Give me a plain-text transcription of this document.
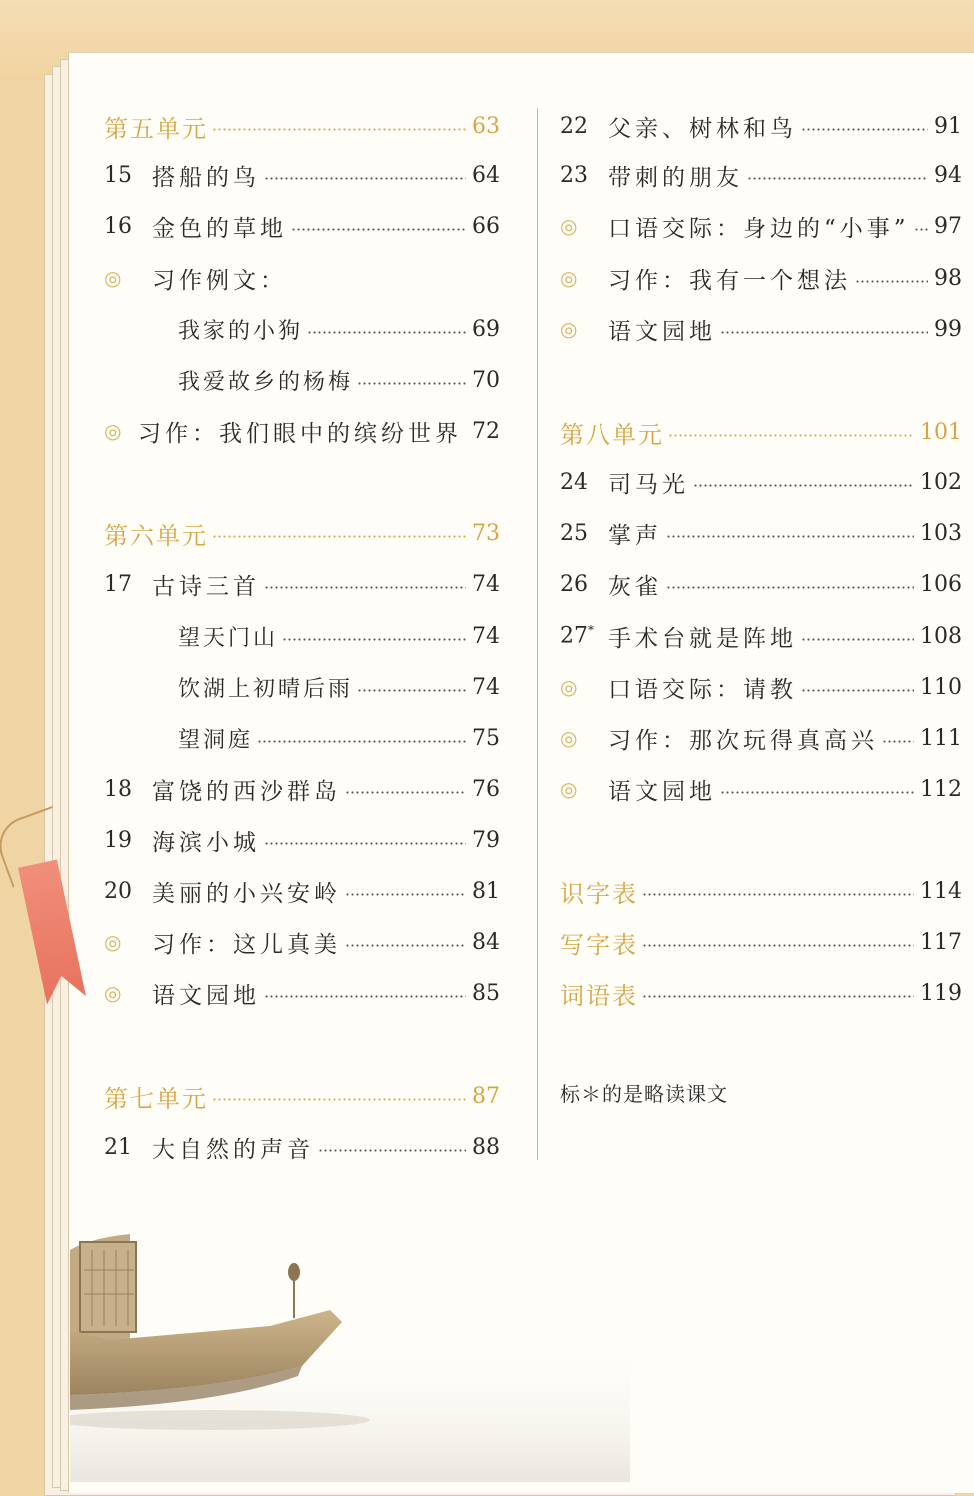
第五单元	63
15 搭船的鸟	64
16 金色的草地	66
◎	习作例文：
我家的小狗	69
我爱故乡的杨梅	70
◎ 习作：我们眼中的缤纷世界 72
第六单元	73
17 古诗三首	74
望天门山	74
饮湖上初晴后雨	74
望洞庭	75
18 富饶的西沙群岛	76
19 海滨小城	79
20 美丽的小兴安岭	81
◎	习作：这儿真美	84
◎	语文园地	85
第七单元	87
21 大自然的声音	88
22 父亲、树林和鸟	91
23 带刺的朋友	94
◎	口语交际：身边的“小事” 97
◎	习作：我有一个想法	98
◎	语文园地	99
第八单元	101
24 司马光	102
25 掌声	103
26 灰雀	106
27* 手术台就是阵地	108
◎	口语交际：请教	110
◎	习作：那次玩得真高兴 111
◎	语文园地	112
识字表	114
写字表	117
词语表	119
标＊的是略读课文
